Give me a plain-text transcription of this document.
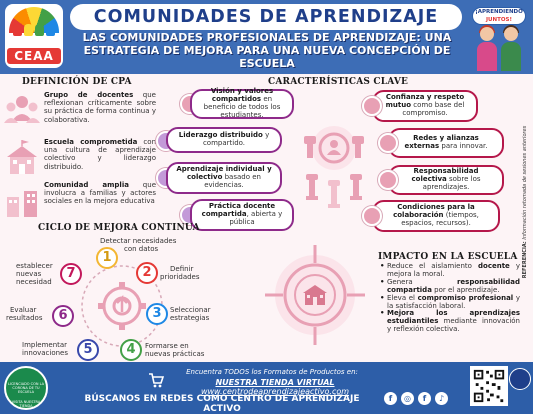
CEAA
COMUNIDADES DE APRENDIZAJE
LAS COMUNIDADES PROFESIONALES DE APRENDIZAJE: UNA
ESTRATEGIA DE MEJORA PARA UNA NUEVA CONCEPCIÓN DE ESCUELA
¡APRENDIENDO
JUNTOS!
REFERENCIA: Información retomada de sesiones anteriores
DEFINICIÓN DE CPA
Grupo de docentes que reflexionan críticamente sobre su práctica de forma continua y colaborativa.
Escuela comprometida con una cultura de aprendizaje colectivo y liderazgo distribuido.
Comunidad amplia que involucra a familias y actores sociales en la mejora educativa
CARACTERÍSTICAS CLAVE
Visión y valores compartidos en beneficio de todos los estudiantes.
Liderazgo distribuido y compartido.
Aprendizaje individual y colectivo basado en evidencias.
Práctica docente compartida, abierta y pública
Confianza y respeto mutuo como base del compromiso.
Redes y alianzas externas para innovar.
Responsabilidad colectiva sobre los aprendizajes.
Condiciones para la colaboración (tiempos, espacios, recursos).
CICLO DE MEJORA CONTINUA
1
Detectar necesidades
con datos
2	Definir
prioridades
3	Seleccionar
estrategias
4	Formarse en
nuevas prácticas
5
Implementar
innovaciones
6
Evaluar
resultados
7
establecer
nuevas
necesidad
IMPACTO EN LA ESCUELA
• Reduce el aislamiento docente y mejora la moral.
• Genera responsabilidad compartida por el aprendizaje.
• Eleva el compromiso profesional y la satisfacción laboral.
• Mejora los aprendizajes estudiantiles mediante innovación y reflexión colectiva.
LICENCIADO CON LA CORONA DE TU ESCUELA
VISITA NUESTRA TIENDA
Encuentra TODOS los Formatos de Productos en:
NUESTRA TIENDA VIRTUAL www.centrodeaprendizajeactivo.com
BÚSCANOS EN REDES COMO CENTRO DE APRENDIZAJE ACTIVO
f	◎	f	♪
